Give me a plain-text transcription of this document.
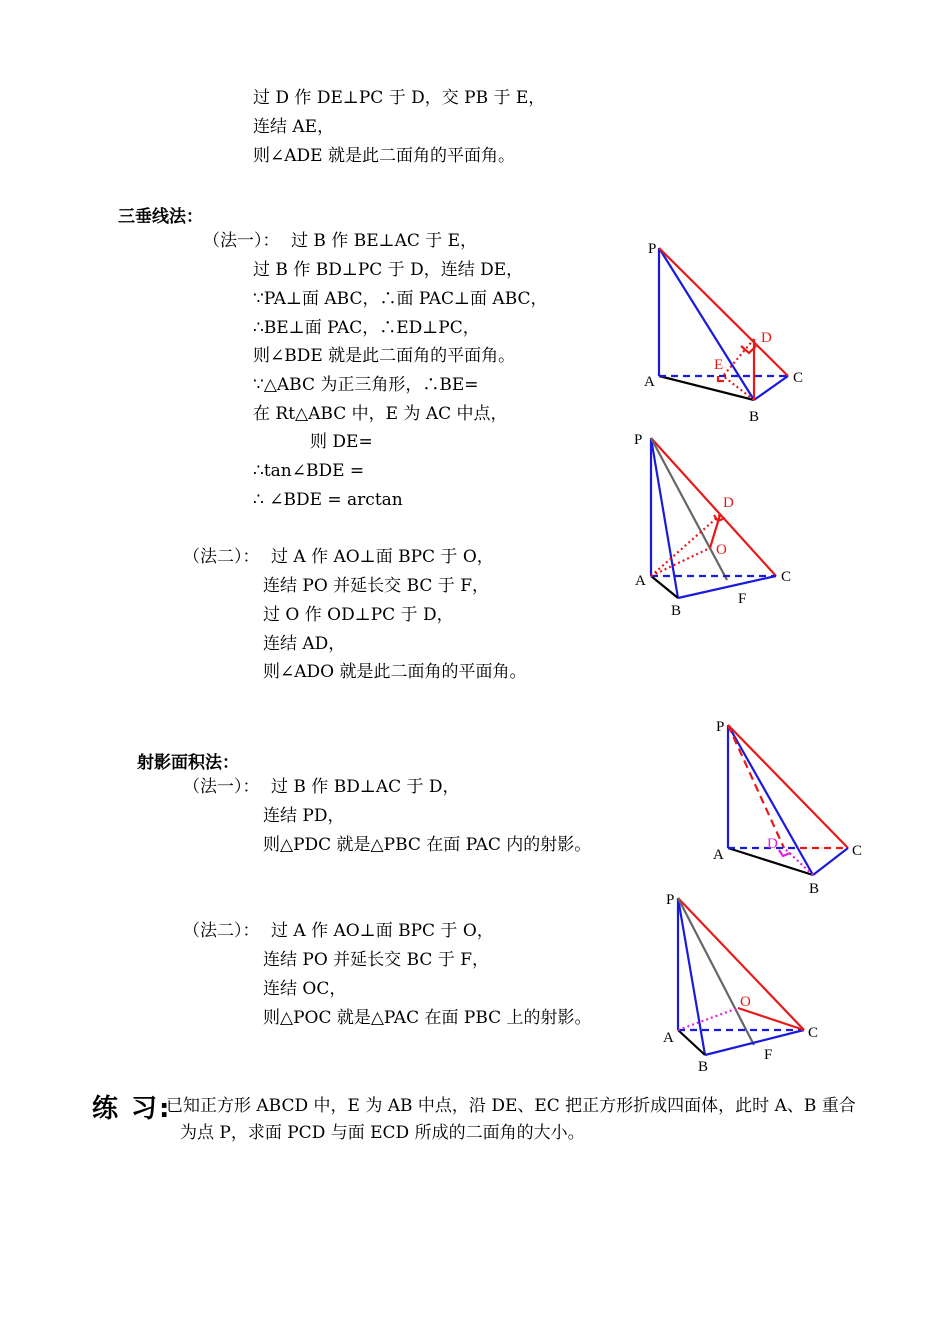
过 D 作 DE⊥PC 于 D，交 PB 于 E，
连结 AE，
则∠ADE 就是此二面角的平面角。
三垂线法：
（法一）： 过 B 作 BE⊥AC 于 E，
过 B 作 BD⊥PC 于 D，连结 DE，
∵PA⊥面 ABC，∴面 PAC⊥面 ABC，
∴BE⊥面 PAC，∴ED⊥PC，
则∠BDE 就是此二面角的平面角。
∵△ABC 为正三角形，∴BE=
在 Rt△ABC 中，E 为 AC 中点，
则 DE=
∴tan∠BDE =
∴ ∠BDE = arctan
（法二）： 过 A 作 AO⊥面 BPC 于 O，
连结 PO 并延长交 BC 于 F，
过 O 作 OD⊥PC 于 D，
连结 AD，
则∠ADO 就是此二面角的平面角。
射影面积法：
（法一）： 过 B 作 BD⊥AC 于 D，
连结 PD，
则△PDC 就是△PBC 在面 PAC 内的射影。
（法二）： 过 A 作 AO⊥面 BPC 于 O，
连结 PO 并延长交 BC 于 F，
连结 OC，
则△POC 就是△PAC 在面 PBC 上的射影。
练 习:
已知正方形 ABCD 中，E 为 AB 中点，沿 DE、EC 把正方形折成四面体，此时 A、B 重合
为点 P，求面 PCD 与面 ECD 所成的二面角的大小。
P
A
B
C
D
E
P
A
B
C
F
D
O
P
A
B
C
D
P
A
B
C
F
O
